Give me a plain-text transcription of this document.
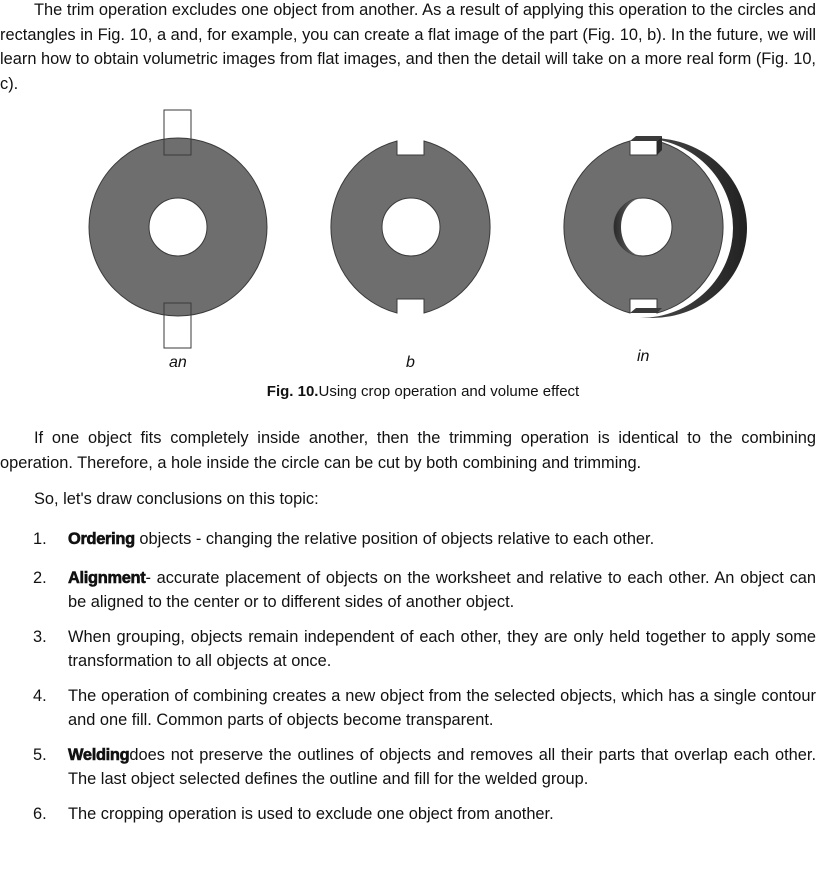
The trim operation excludes one object from another. As a result of applying this operation to the circles and rectangles in Fig. 10, a and, for example, you can create a flat image of the part (Fig. 10, b). In the future, we will learn how to obtain volumetric images from flat images, and then the detail will take on a more real form (Fig. 10, c).

an	b	in
Fig. 10.Using crop operation and volume effect

If one object fits completely inside another, then the trimming operation is identical to the combining operation. Therefore, a hole inside the circle can be cut by both combining and trimming.

So, let's draw conclusions on this topic:

1. Ordering objects - changing the relative position of objects relative to each other.
2. Alignment- accurate placement of objects on the worksheet and relative to each other. An object can be aligned to the center or to different sides of another object.
3. When grouping, objects remain independent of each other, they are only held together to apply some transformation to all objects at once.
4. The operation of combining creates a new object from the selected objects, which has a single contour and one fill. Common parts of objects become transparent.
5. Weldingdoes not preserve the outlines of objects and removes all their parts that overlap each other. The last object selected defines the outline and fill for the welded group.
6. The cropping operation is used to exclude one object from another.
